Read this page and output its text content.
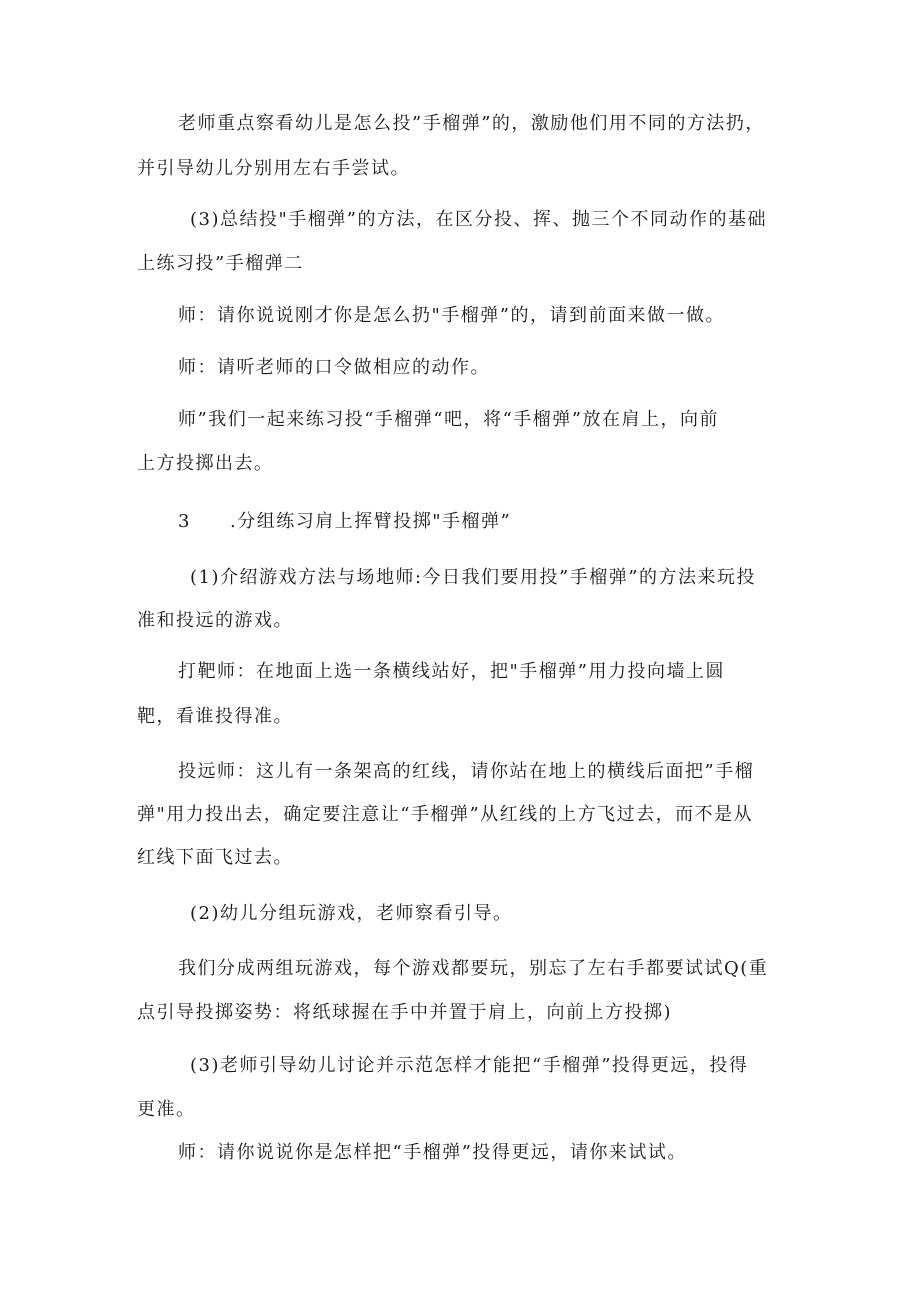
老师重点察看幼儿是怎么投”手榴弹”的，激励他们用不同的方法扔，
并引导幼儿分别用左右手尝试。
(3)总结投"手榴弹”的方法，在区分投、挥、抛三个不同动作的基础
上练习投”手榴弹二
师：请你说说刚才你是怎么扔"手榴弹”的，请到前面来做一做。
师：请听老师的口令做相应的动作。
师”我们一起来练习投“手榴弹“吧，将“手榴弹”放在肩上，向前
上方投掷出去。
3 .分组练习肩上挥臂投掷"手榴弹”
(1)介绍游戏方法与场地师:今日我们要用投”手榴弹”的方法来玩投
准和投远的游戏。
打靶师：在地面上选一条横线站好，把"手榴弹”用力投向墙上圆
靶，看谁投得准。
投远师：这儿有一条架高的红线，请你站在地上的横线后面把”手榴
弹"用力投出去，确定要注意让“手榴弹”从红线的上方飞过去，而不是从
红线下面飞过去。
(2)幼儿分组玩游戏，老师察看引导。
我们分成两组玩游戏，每个游戏都要玩，别忘了左右手都要试试Q(重
点引导投掷姿势：将纸球握在手中并置于肩上，向前上方投掷)
(3)老师引导幼儿讨论并示范怎样才能把“手榴弹”投得更远，投得
更准。
师：请你说说你是怎样把“手榴弹”投得更远，请你来试试。
